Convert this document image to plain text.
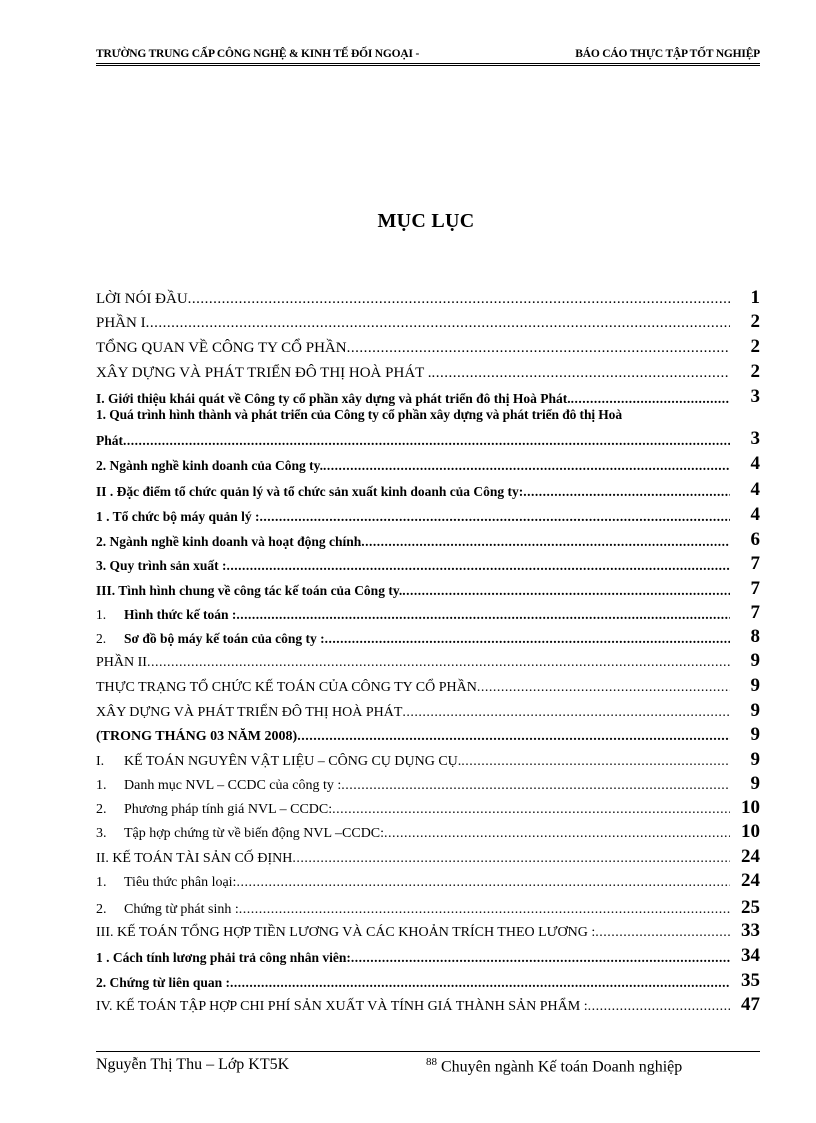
TRƯỜNG TRUNG CẤP CÔNG NGHỆ & KINH TẾ ĐỐI NGOẠI -	BÁO CÁO THỰC TẬP TỐT NGHIỆP
MỤC LỤC
LỜI NÓI ĐẦU .....	1
PHẦN I .....	2
TỔNG QUAN VỀ CÔNG TY CỔ PHẦN .....	2
XÂY DỰNG VÀ PHÁT TRIỂN ĐÔ THỊ HOÀ PHÁT . .....	2
I. Giới thiệu khái quát về Công ty cổ phần xây dựng và phát triển đô thị Hoà Phát. .....	3
1. Quá trình hình thành và phát triển của Công ty cổ phần xây dựng và phát triển đô thị Hoà
Phát .....	3
2. Ngành nghề kinh doanh của Công ty. .....	4
II . Đặc điểm tổ chức quản lý và tổ chức sản xuất kinh doanh của Công ty: .....	4
1 . Tổ chức bộ máy quản lý : .....	4
2. Ngành nghề kinh doanh và hoạt động chính .....	6
3. Quy trình sản xuất : .....	7
III. Tình hình chung về công tác kế toán của Công ty. .....	7
1. Hình thức kế toán : .....	7
2. Sơ đồ bộ máy kế toán của công ty : .....	8
PHẦN II .....	9
THỰC TRẠNG TỔ CHỨC KẾ TOÁN CỦA CÔNG TY CỔ PHẦN .....	9
XÂY DỰNG VÀ PHÁT TRIỂN ĐÔ THỊ HOÀ PHÁT .....	9
(TRONG THÁNG 03 NĂM 2008) .....	9
I. KẾ TOÁN NGUYÊN VẬT LIỆU – CÔNG CỤ DỤNG CỤ. .....	9
1. Danh mục NVL – CCDC của công ty : .....	9
2. Phương pháp tính giá NVL – CCDC: .....	10
3. Tập hợp chứng từ về biến động NVL –CCDC: .....	10
II. KẾ TOÁN TÀI SẢN CỐ ĐỊNH .....	24
1. Tiêu thức phân loại: .....	24
2. Chứng từ phát sinh : .....	25
III. KẾ TOÁN TỔNG HỢP TIỀN LƯƠNG VÀ CÁC KHOẢN TRÍCH THEO LƯƠNG : .....	33
1 . Cách tính lương phải trả công nhân viên: .....	34
2. Chứng từ liên quan : .....	35
IV. KẾ TOÁN TẬP HỢP CHI PHÍ SẢN XUẤT VÀ TÍNH GIÁ THÀNH SẢN PHẨM : .....	47
Nguyễn Thị Thu – Lớp KT5K	$^{88}$ Chuyên ngành Kế toán Doanh nghiệp
